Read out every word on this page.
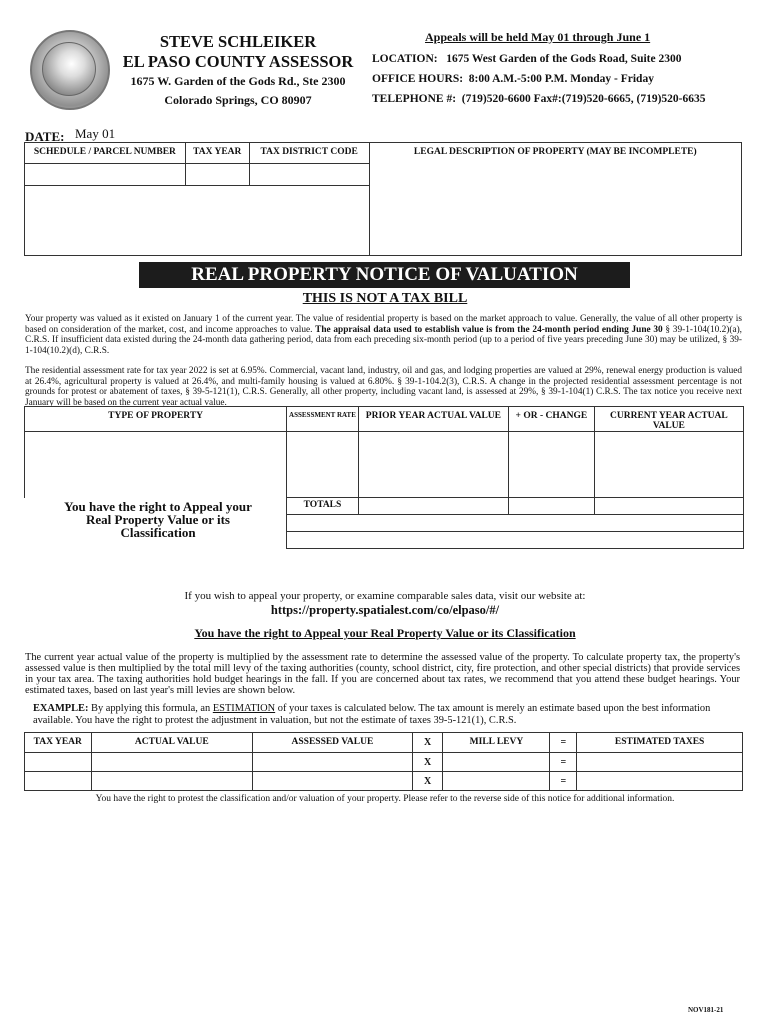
STEVE SCHLEIKER
EL PASO COUNTY ASSESSOR
1675 W. Garden of the Gods Rd., Ste 2300
Colorado Springs, CO 80907
Appeals will be held May 01 through June 1
LOCATION: 1675 West Garden of the Gods Road, Suite 2300
OFFICE HOURS: 8:00 A.M.-5:00 P.M. Monday - Friday
TELEPHONE #: (719)520-6600 Fax#:(719)520-6665, (719)520-6635
DATE: May 01
SCHEDULE / PARCEL NUMBER	TAX YEAR	TAX DISTRICT CODE	LEGAL DESCRIPTION OF PROPERTY (MAY BE INCOMPLETE)

REAL PROPERTY NOTICE OF VALUATION
THIS IS NOT A TAX BILL
Your property was valued as it existed on January 1 of the current year. The value of residential property is based on the market approach to value. Generally, the value of all other property is based on consideration of the market, cost, and income approaches to value. The appraisal data used to establish value is from the 24-month period ending June 30 § 39-1-104(10.2)(a), C.R.S. If insufficient data existed during the 24-month data gathering period, data from each preceding six-month period (up to a period of five years preceding June 30) may be utilized, § 39-1-104(10.2)(d), C.R.S.
The residential assessment rate for tax year 2022 is set at 6.95%. Commercial, vacant land, industry, oil and gas, and lodging properties are valued at 29%, renewal energy production is valued at 26.4%, agricultural property is valued at 26.4%, and multi-family housing is valued at 6.80%. § 39-1-104.2(3), C.R.S. A change in the projected residential assessment percentage is not grounds for protest or abatement of taxes, § 39-5-121(1), C.R.S. Generally, all other property, including vacant land, is assessed at 29%, § 39-1-104(1) C.R.S. The tax notice you receive next January will be based on the current year actual value.
TYPE OF PROPERTY	ASSESSMENT RATE	PRIOR YEAR ACTUAL VALUE	+ OR - CHANGE	CURRENT YEAR ACTUAL VALUE

	TOTALS			

You have the right to Appeal your Real Property Value or its Classification
If you wish to appeal your property, or examine comparable sales data, visit our website at:
https://property.spatialest.com/co/elpaso/#/
You have the right to Appeal your Real Property Value or its Classification
The current year actual value of the property is multiplied by the assessment rate to determine the assessed value of the property. To calculate property tax, the property's assessed value is then multiplied by the total mill levy of the taxing authorities (county, school district, city, fire protection, and other special districts) that provide services in your tax area. The taxing authorities hold budget hearings in the fall. If you are concerned about tax rates, we recommend that you attend these budget hearings. Your estimated taxes, based on last year's mill levies are shown below.
EXAMPLE: By applying this formula, an ESTIMATION of your taxes is calculated below. The tax amount is merely an estimate based upon the best information available. You have the right to protest the adjustment in valuation, but not the estimate of taxes 39-5-121(1), C.R.S.
TAX YEAR	ACTUAL VALUE	ASSESSED VALUE	X	MILL LEVY	=	ESTIMATED TAXES
			X		=	
			X		=	
You have the right to protest the classification and/or valuation of your property. Please refer to the reverse side of this notice for additional information.
NOV181-21
